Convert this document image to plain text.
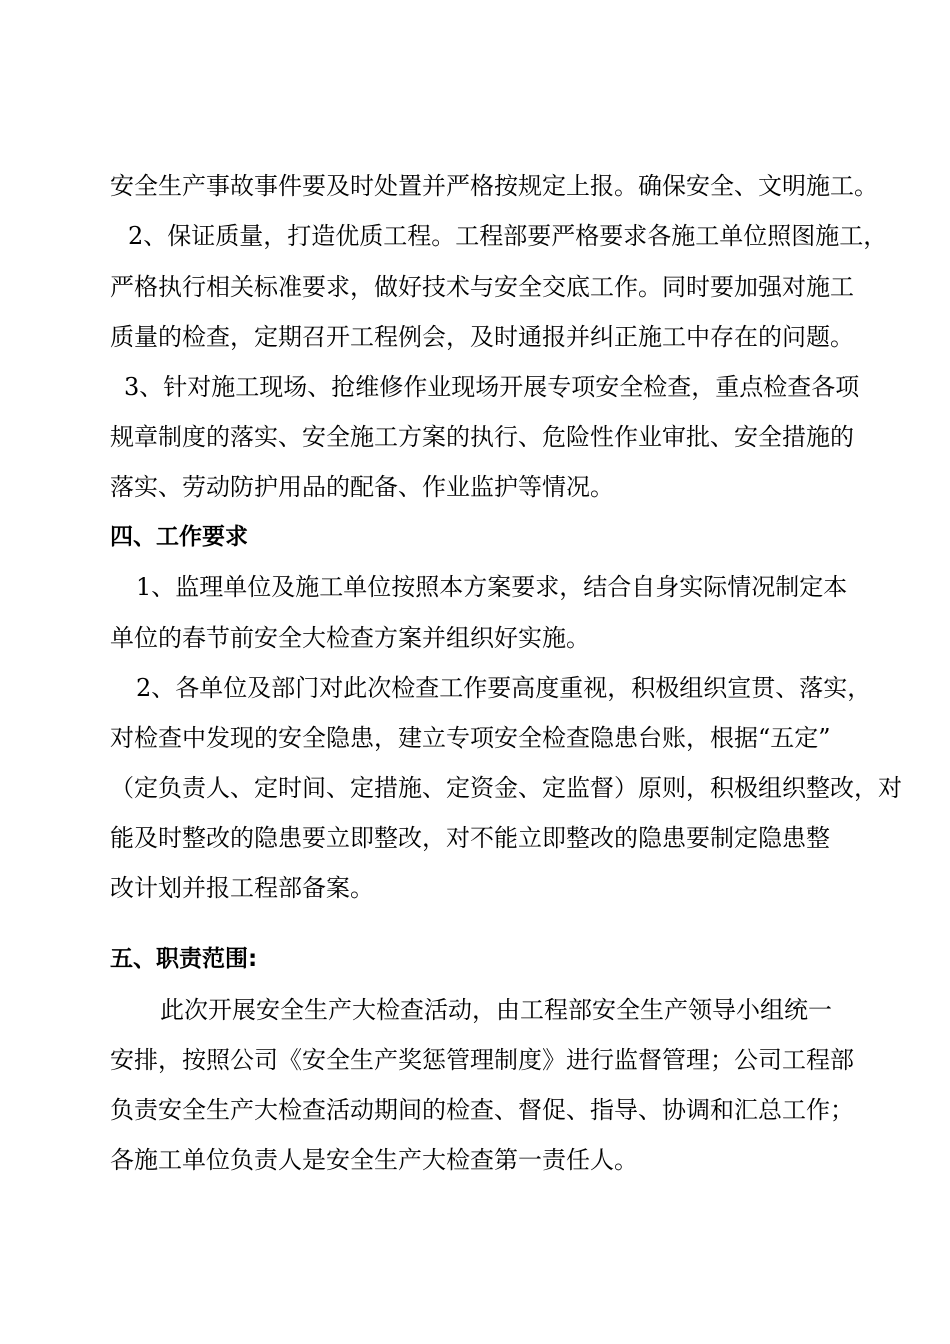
安全生产事故事件要及时处置并严格按规定上报。确保安全、文明施工。
2、保证质量，打造优质工程。工程部要严格要求各施工单位照图施工，
严格执行相关标准要求，做好技术与安全交底工作。同时要加强对施工
质量的检查，定期召开工程例会，及时通报并纠正施工中存在的问题。
3、针对施工现场、抢维修作业现场开展专项安全检查，重点检查各项
规章制度的落实、安全施工方案的执行、危险性作业审批、安全措施的
落实、劳动防护用品的配备、作业监护等情况。
四、工作要求
1、监理单位及施工单位按照本方案要求，结合自身实际情况制定本
单位的春节前安全大检查方案并组织好实施。
2、各单位及部门对此次检查工作要高度重视，积极组织宣贯、落实，
对检查中发现的安全隐患，建立专项安全检查隐患台账，根据“五定”
（定负责人、定时间、定措施、定资金、定监督）原则，积极组织整改，对
能及时整改的隐患要立即整改，对不能立即整改的隐患要制定隐患整
改计划并报工程部备案。
五、职责范围:
此次开展安全生产大检查活动，由工程部安全生产领导小组统一
安排，按照公司《安全生产奖惩管理制度》进行监督管理；公司工程部
负责安全生产大检查活动期间的检查、督促、指导、协调和汇总工作；
各施工单位负责人是安全生产大检查第一责任人。
